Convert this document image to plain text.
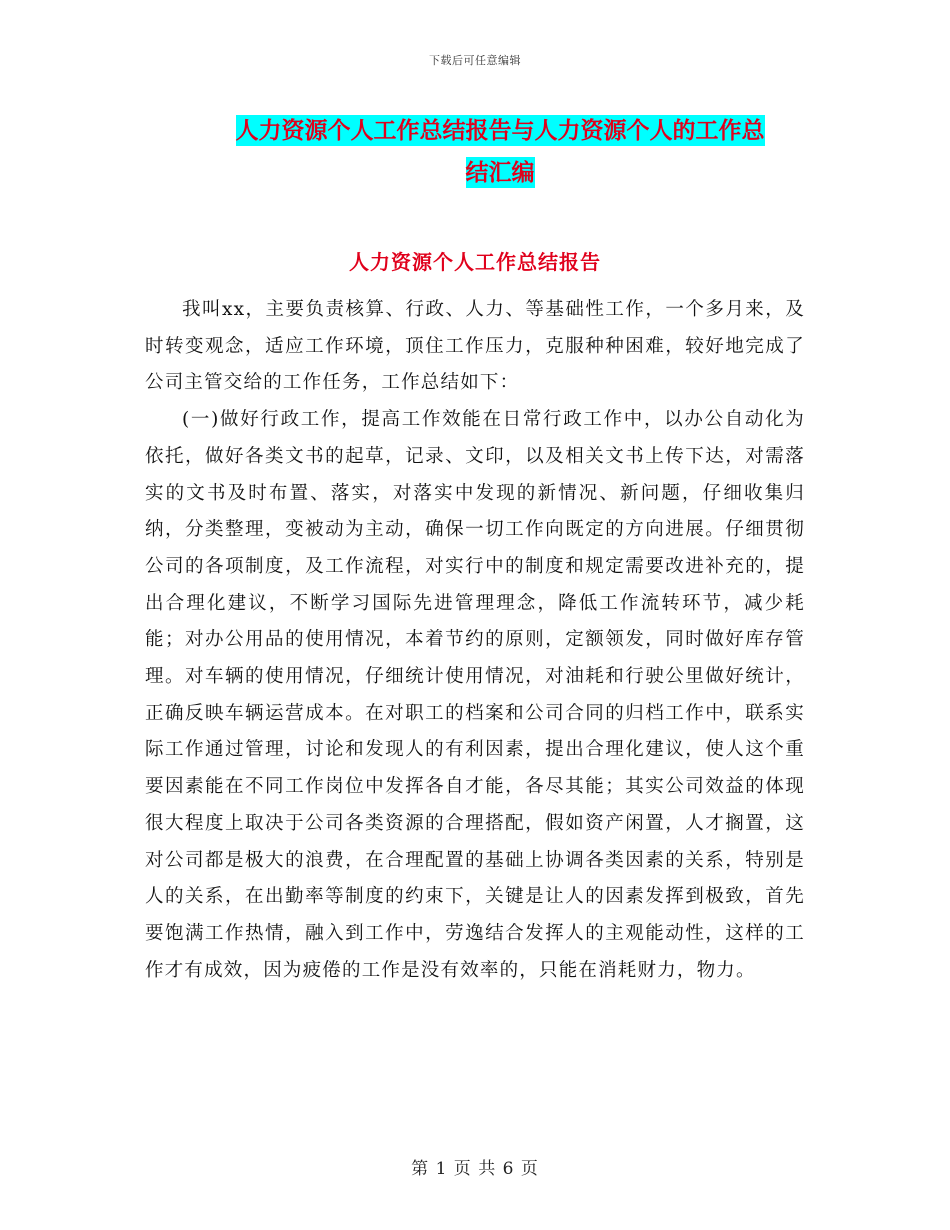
下载后可任意编辑
人力资源个人工作总结报告与人力资源个人的工作总
结汇编
人力资源个人工作总结报告

我叫xx，主要负责核算、行政、人力、等基础性工作，一个多月来，及时转变观念，适应工作环境，顶住工作压力，克服种种困难，较好地完成了公司主管交给的工作任务，工作总结如下：

(一)做好行政工作，提高工作效能在日常行政工作中，以办公自动化为依托，做好各类文书的起草，记录、文印，以及相关文书上传下达，对需落实的文书及时布置、落实，对落实中发现的新情况、新问题，仔细收集归纳，分类整理，变被动为主动，确保一切工作向既定的方向进展。仔细贯彻公司的各项制度，及工作流程，对实行中的制度和规定需要改进补充的，提出合理化建议，不断学习国际先进管理理念，降低工作流转环节，减少耗能；对办公用品的使用情况，本着节约的原则，定额领发，同时做好库存管理。对车辆的使用情况，仔细统计使用情况，对油耗和行驶公里做好统计，正确反映车辆运营成本。在对职工的档案和公司合同的归档工作中，联系实际工作通过管理，讨论和发现人的有利因素，提出合理化建议，使人这个重要因素能在不同工作岗位中发挥各自才能，各尽其能；其实公司效益的体现很大程度上取决于公司各类资源的合理搭配，假如资产闲置，人才搁置，这对公司都是极大的浪费，在合理配置的基础上协调各类因素的关系，特别是人的关系，在出勤率等制度的约束下，关键是让人的因素发挥到极致，首先要饱满工作热情，融入到工作中，劳逸结合发挥人的主观能动性，这样的工作才有成效，因为疲倦的工作是没有效率的，只能在消耗财力，物力。

第 1 页 共 6 页
